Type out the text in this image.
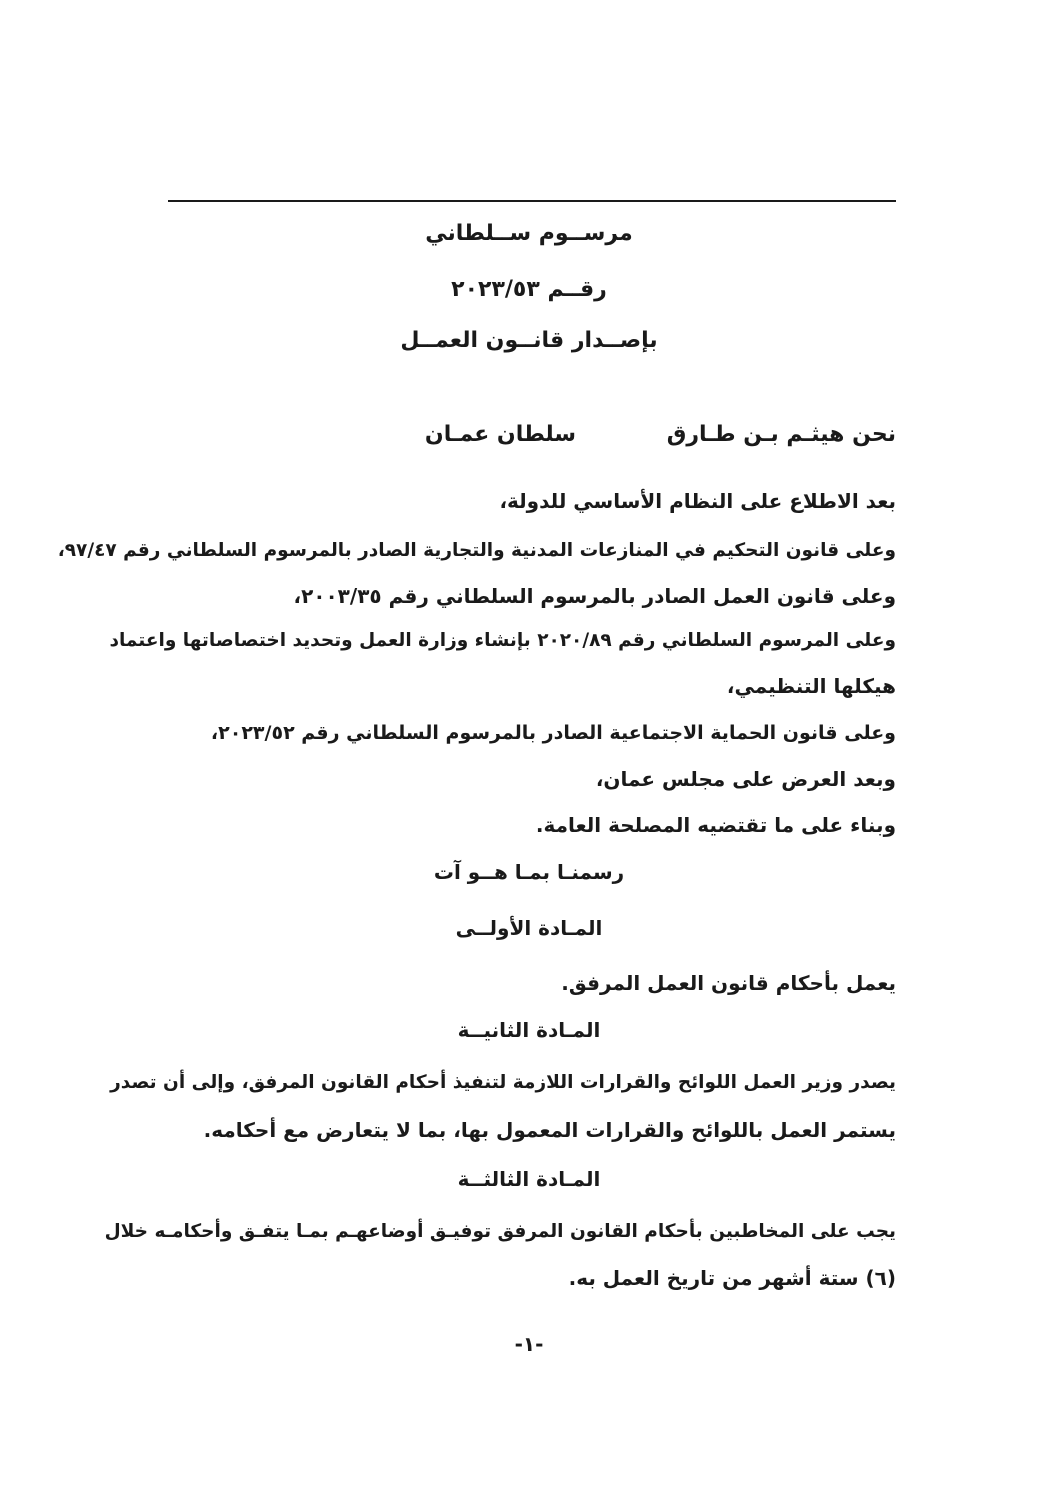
مرســوم ســلطاني
رقــم ٢٠٢٣/٥٣
بإصــدار قانــون العمــل
نحن هيثـم بـن طـارق
سلطان عمـان
بعد الاطلاع على النظام الأساسي للدولة،
وعلى قانون التحكيم في المنازعات المدنية والتجارية الصادر بالمرسوم السلطاني رقم ٩٧/٤٧،
وعلى قانون العمل الصادر بالمرسوم السلطاني رقم ٢٠٠٣/٣٥،
وعلى المرسوم السلطاني رقم ٢٠٢٠/٨٩ بإنشاء وزارة العمل وتحديد اختصاصاتها واعتماد
هيكلها التنظيمي،
وعلى قانون الحماية الاجتماعية الصادر بالمرسوم السلطاني رقم ٢٠٢٣/٥٢،
وبعد العرض على مجلس عمان،
وبناء على ما تقتضيه المصلحة العامة.
رسمنـا بمـا هــو آت
المـادة الأولــى
يعمل بأحكام قانون العمل المرفق.
المـادة الثانيــة
يصدر وزير العمل اللوائح والقرارات اللازمة لتنفيذ أحكام القانون المرفق، وإلى أن تصدر
يستمر العمل باللوائح والقرارات المعمول بها، بما لا يتعارض مع أحكامه.
المـادة الثالثــة
يجب على المخاطبين بأحكام القانون المرفق توفيـق أوضاعهـم بمـا يتفـق وأحكامـه خلال
(٦) ستة أشهر من تاريخ العمل به.
-١-
